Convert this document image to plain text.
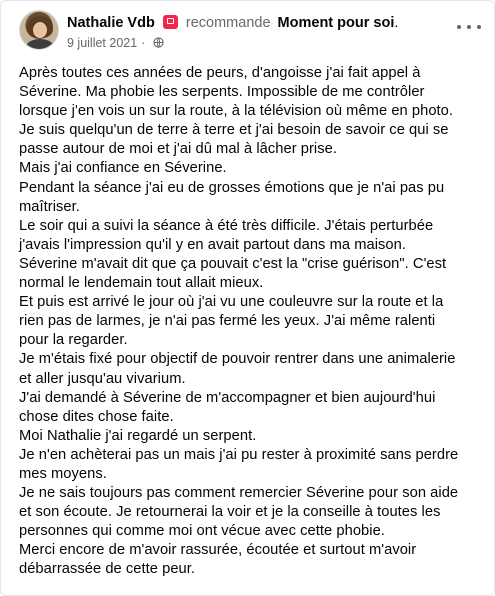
Nathalie Vdb recommande Moment pour soi.
9 juillet 2021 ·

Après toutes ces années de peurs, d'angoisse j'ai fait appel à
Séverine. Ma phobie les serpents. Impossible de me contrôler
lorsque j'en vois un sur la route, à la télévision où même en photo.
Je suis quelqu'un de terre à terre et j'ai besoin de savoir ce qui se
passe autour de moi et j'ai dû mal à lâcher prise.

Mais j'ai confiance en Séverine.

Pendant la séance j'ai eu de grosses émotions que je n'ai pas pu
maîtriser.

Le soir qui a suivi la séance à été très difficile. J'étais perturbée
j'avais l'impression qu'il y en avait partout dans ma maison.

Séverine m'avait dit que ça pouvait c'est la "crise guérison". C'est
normal le lendemain tout allait mieux.

Et puis est arrivé le jour où j'ai vu une couleuvre sur la route et la
rien pas de larmes, je n'ai pas fermé les yeux. J'ai même ralenti
pour la regarder.

Je m'étais fixé pour objectif de pouvoir rentrer dans une animalerie
et aller jusqu'au vivarium.

J'ai demandé à Séverine de m'accompagner et bien aujourd'hui
chose dites chose faite.

Moi Nathalie j'ai regardé un serpent.

Je n'en achèterai pas un mais j'ai pu rester à proximité sans perdre
mes moyens.

Je ne sais toujours pas comment remercier Séverine pour son aide
et son écoute. Je retournerai la voir et je la conseille à toutes les
personnes qui comme moi ont vécue avec cette phobie.

Merci encore de m'avoir rassurée, écoutée et surtout m'avoir
débarrassée de cette peur.
